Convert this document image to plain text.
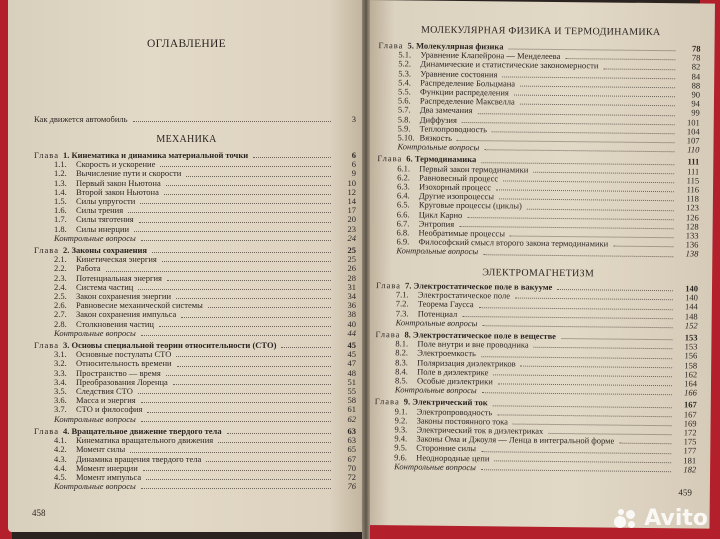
ОГЛАВЛЕНИЕ
Как движется автомобиль	3
МЕХАНИКА
Глава 1. Кинематика и динамика материальной точки	6
1.1. Скорость и ускорение	6
1.2. Вычисление пути и скорости	9
1.3. Первый закон Ньютона	10
1.4. Второй закон Ньютона	12
1.5. Силы упругости	14
1.6. Силы трения	17
1.7. Силы тяготения	20
1.8. Силы инерции	23
Контрольные вопросы	24
Глава 2. Законы сохранения	25
2.1. Кинетическая энергия	25
2.2. Работа	26
2.3. Потенциальная энергия	28
2.4. Система частиц	31
2.5. Закон сохранения энергии	34
2.6. Равновесие механической системы	36
2.7. Закон сохранения импульса	38
2.8. Столкновения частиц	40
Контрольные вопросы	44
Глава 3. Основы специальной теории относительности (СТО)	45
3.1. Основные постулаты СТО	45
3.2. Относительность времени	47
3.3. Пространство — время	48
3.4. Преобразования Лоренца	51
3.5. Следствия СТО	55
3.6. Масса и энергия	58
3.7. СТО и философия	61
Контрольные вопросы	62
Глава 4. Вращательное движение твердого тела	63
4.1. Кинематика вращательного движения	63
4.2. Момент силы	65
4.3. Динамика вращения твердого тела	67
4.4. Момент инерции	70
4.5. Момент импульса	72
Контрольные вопросы	76
458
МОЛЕКУЛЯРНАЯ ФИЗИКА И ТЕРМОДИНАМИКА
Глава 5. Молекулярная физика	78
5.1. Уравнение Клапейрона — Менделеева	78
5.2. Динамические и статистические закономерности	82
5.3. Уравнение состояния	84
5.4. Распределение Больцмана	88
5.5. Функции распределения	90
5.6. Распределение Максвелла	94
5.7. Два замечания	99
5.8. Диффузия	101
5.9. Теплопроводность	104
5.10. Вязкость	107
Контрольные вопросы	110
Глава 6. Термодинамика	111
6.1. Первый закон термодинамики	111
6.2. Равновесный процесс	115
6.3. Изохорный процесс	116
6.4. Другие изопроцессы	118
6.5. Круговые процессы (циклы)	123
6.6. Цикл Карно	126
6.7. Энтропия	128
6.8. Необратимые процессы	133
6.9. Философский смысл второго закона термодинамики	136
Контрольные вопросы	138
ЭЛЕКТРОМАГНЕТИЗМ
Глава 7. Электростатическое поле в вакууме	140
7.1. Электростатическое поле	140
7.2. Теорема Гаусса	144
7.3. Потенциал	148
Контрольные вопросы	152
Глава 8. Электростатическое поле в веществе	153
8.1. Поле внутри и вне проводника	153
8.2. Электроемкость	156
8.3. Поляризация диэлектриков	158
8.4. Поле в диэлектрике	162
8.5. Особые диэлектрики	164
Контрольные вопросы	166
Глава 9. Электрический ток	167
9.1. Электропроводность	167
9.2. Законы постоянного тока	169
9.3. Электрический ток в диэлектриках	172
9.4. Законы Ома и Джоуля — Ленца в интегральной форме	175
9.5. Сторонние силы	177
9.6. Неоднородные цепи	181
Контрольные вопросы	182
459
Avito
